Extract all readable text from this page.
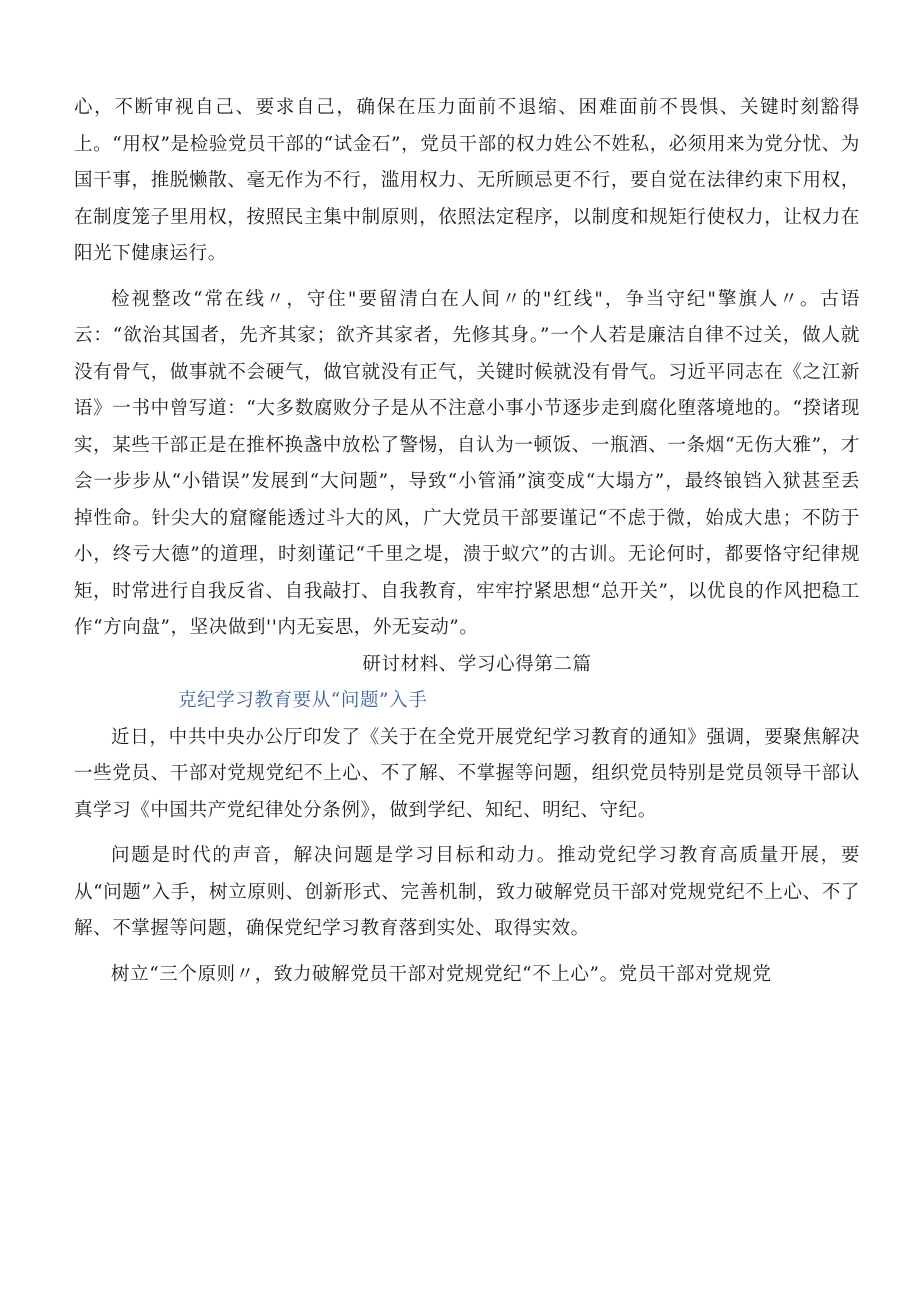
心，不断审视自己、要求自己，确保在压力面前不退缩、困难面前不畏惧、关键时刻豁得上。“用权”是检验党员干部的“试金石”，党员干部的权力姓公不姓私，必须用来为党分忧、为国干事，推脱懒散、毫无作为不行，滥用权力、无所顾忌更不行，要自觉在法律约束下用权，在制度笼子里用权，按照民主集中制原则，依照法定程序，以制度和规矩行使权力，让权力在阳光下健康运行。

检视整改“常在线〃，守住"要留清白在人间〃的"红线"，争当守纪"擎旗人〃。古语云：“欲治其国者，先齐其家；欲齐其家者，先修其身。”一个人若是廉洁自律不过关，做人就没有骨气，做事就不会硬气，做官就没有正气，关键时候就没有骨气。习近平同志在《之江新语》一书中曾写道：“大多数腐败分子是从不注意小事小节逐步走到腐化堕落境地的。“揆诸现实，某些干部正是在推杯换盏中放松了警惕，自认为一顿饭、一瓶酒、一条烟“无伤大雅”，才会一步步从“小错误”发展到“大问题”，导致“小管涌”演变成“大塌方”，最终锒铛入狱甚至丢掉性命。针尖大的窟窿能透过斗大的风，广大党员干部要谨记“不虑于微，始成大患；不防于小，终亏大德”的道理，时刻谨记“千里之堤，溃于蚁穴”的古训。无论何时，都要恪守纪律规矩，时常进行自我反省、自我敲打、自我教育，牢牢拧紧思想“总开关”，以优良的作风把稳工作“方向盘”，坚决做到''内无妄思，外无妄动”。

研讨材料、学习心得第二篇

克纪学习教育要从“问题”入手

近日，中共中央办公厅印发了《关于在全党开展党纪学习教育的通知》强调，要聚焦解决一些党员、干部对党规党纪不上心、不了解、不掌握等问题，组织党员特别是党员领导干部认真学习《中国共产党纪律处分条例》，做到学纪、知纪、明纪、守纪。

问题是时代的声音，解决问题是学习目标和动力。推动党纪学习教育高质量开展，要从“问题”入手，树立原则、创新形式、完善机制，致力破解党员干部对党规党纪不上心、不了解、不掌握等问题，确保党纪学习教育落到实处、取得实效。

树立“三个原则〃，致力破解党员干部对党规党纪“不上心”。党员干部对党规党
